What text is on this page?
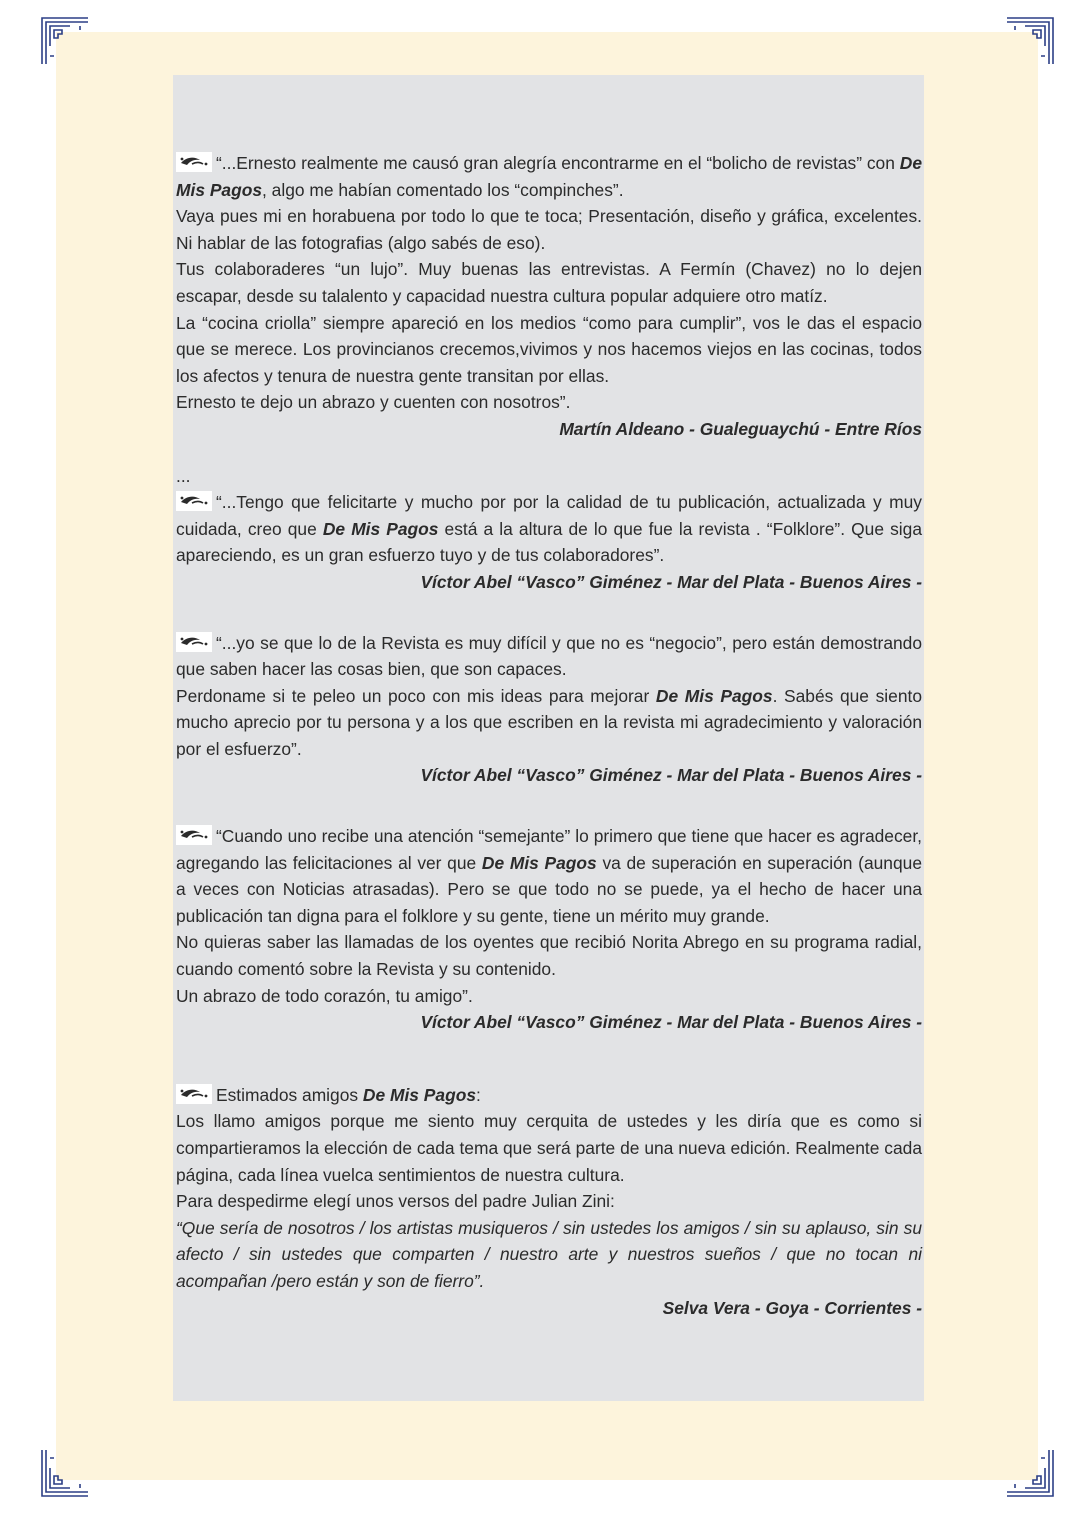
“...Ernesto realmente me causó gran alegría encontrarme en el “bolicho de revistas” con De Mis Pagos, algo me habían comentado los “compinches”.

Vaya pues mi en horabuena por todo lo que te toca; Presentación, diseño y gráfica, excelentes. Ni hablar de las fotografias (algo sabés de eso).

Tus colaboraderes “un lujo”. Muy buenas las entrevistas. A Fermín (Chavez) no lo dejen escapar, desde su talalento y capacidad nuestra cultura popular adquiere otro matíz.

La “cocina criolla” siempre apareció en los medios “como para cumplir”, vos le das el espacio que se merece. Los provincianos crecemos,vivimos y nos hacemos viejos en las cocinas, todos los afectos y tenura de nuestra gente transitan por ellas.

Ernesto te dejo un abrazo y cuenten con nosotros”.

Martín Aldeano - Gualeguaychú - Entre Ríos

...

“...Tengo que felicitarte y mucho por por la calidad de tu publicación, actualizada y muy cuidada, creo que De Mis Pagos está a la altura de lo que fue la revista . “Folklore”. Que siga apareciendo, es un gran esfuerzo tuyo y de tus colaboradores”.

Víctor Abel “Vasco” Giménez - Mar del Plata - Buenos Aires -

“...yo se que lo de la Revista es muy difícil y que no es “negocio”, pero están demostrando que saben hacer las cosas bien, que son capaces.

Perdoname si te peleo un poco con mis ideas para mejorar De Mis Pagos. Sabés que siento mucho aprecio por tu persona y a los que escriben en la revista mi agradecimiento y valoración por el esfuerzo”.

Víctor Abel “Vasco” Giménez - Mar del Plata - Buenos Aires -

“Cuando uno recibe una atención “semejante” lo primero que tiene que hacer es agradecer, agregando las felicitaciones al ver que De Mis Pagos va de superación en superación (aunque a veces con Noticias atrasadas). Pero se que todo no se puede, ya el hecho de hacer una publicación tan digna para el folklore y su gente, tiene un mérito muy grande.

No quieras saber las llamadas de los oyentes que recibió Norita Abrego en su programa radial, cuando comentó sobre la Revista y su contenido.

Un abrazo de todo corazón, tu amigo”.

Víctor Abel “Vasco” Giménez - Mar del Plata - Buenos Aires -

Estimados amigos De Mis Pagos:

Los llamo amigos porque me siento muy cerquita de ustedes y les diría que es como si compartieramos la elección de cada tema que será parte de una nueva edición. Realmente cada página, cada línea vuelca sentimientos de nuestra cultura.

Para despedirme elegí unos versos del padre Julian Zini:

“Que sería de nosotros / los artistas musiqueros / sin ustedes los amigos / sin su aplauso, sin su afecto / sin ustedes que comparten / nuestro arte y nuestros sueños / que no tocan ni acompañan /pero están y son de fierro”.

Selva Vera - Goya - Corrientes -
